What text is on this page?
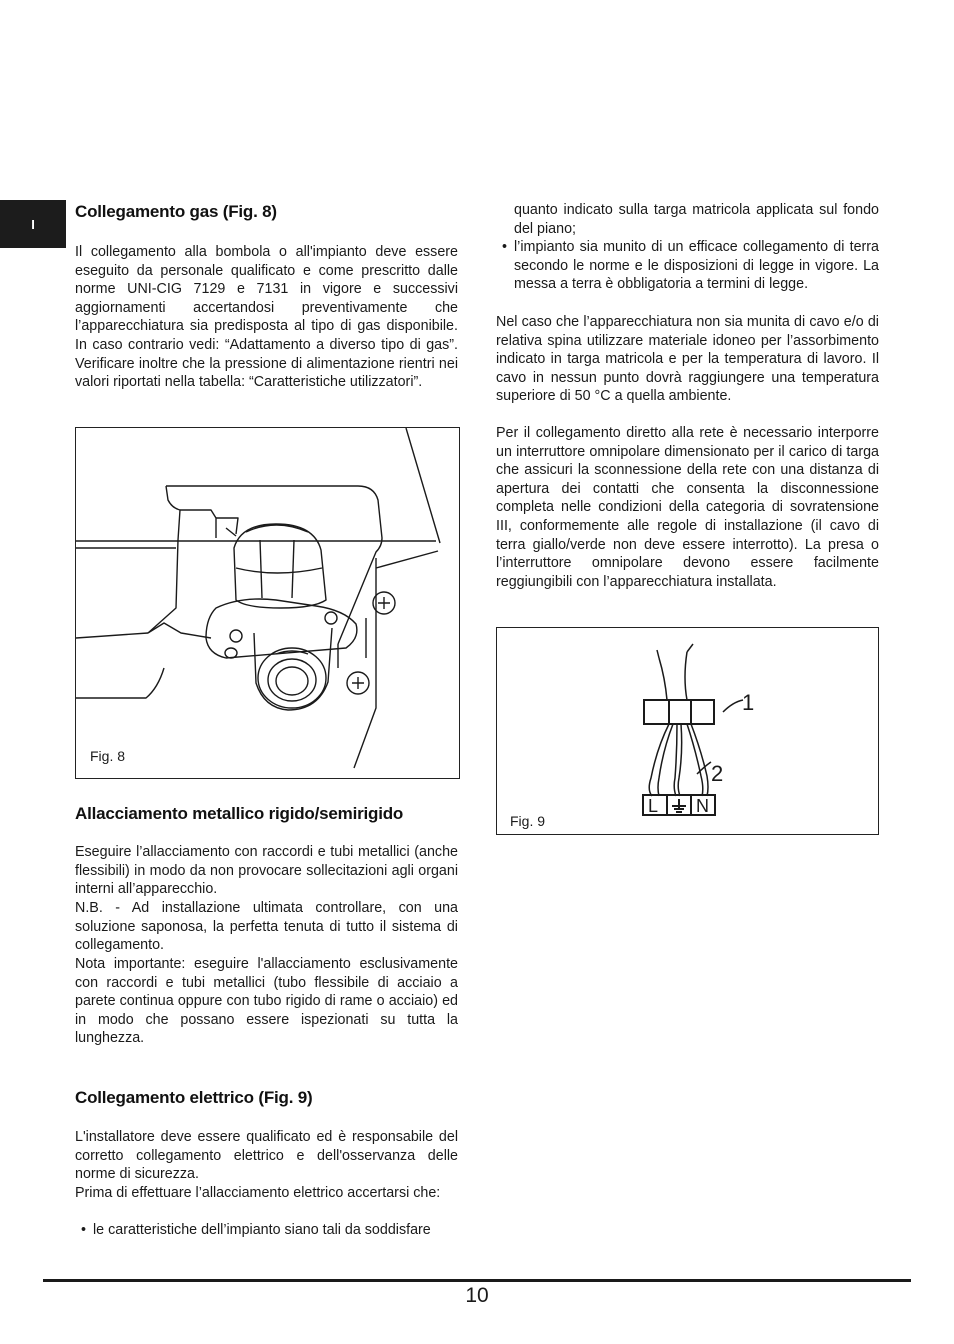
I
Collegamento gas (Fig. 8)

Il collegamento alla bombola o all'impianto deve essere eseguito da personale qualificato e come prescritto dalle norme UNI-CIG 7129 e 7131 in vigore e successivi aggiornamenti accertandosi preventivamente che l’apparecchiatura sia predisposta al tipo di gas disponibile. In caso contrario vedi: “Adattamento a diverso tipo di gas”. Verificare inoltre che la pressione di alimentazione rientri nei valori riportati nella tabella: “Caratteristiche utilizzatori”.

Fig. 8
Allacciamento metallico rigido/semirigido

Eseguire l’allacciamento con raccordi e tubi metallici (anche flessibili) in modo da non provocare sollecitazioni agli organi interni all’apparecchio.

N.B. - Ad installazione ultimata controllare, con una soluzione saponosa, la perfetta tenuta di tutto il sistema di collegamento.

Nota importante: eseguire l'allacciamento esclusivamente con raccordi e tubi metallici (tubo flessibile di acciaio a parete continua oppure con tubo rigido di rame o acciaio) ed in modo che possano essere ispezionati su tutta la lunghezza.

Collegamento elettrico (Fig. 9)

L'installatore deve essere qualificato ed è responsabile del corretto collegamento elettrico e dell'osservanza delle norme di sicurezza.

Prima di effettuare l’allacciamento elettrico accertarsi che:

• le caratteristiche dell’impianto siano tali da soddisfare

quanto indicato sulla targa matricola applicata sul fondo del piano;

• l’impianto sia munito di un efficace collegamento di terra secondo le norme e le disposizioni di legge in vigore. La messa a terra è obbligatoria a termini di legge.

Nel caso che l’apparecchiatura non sia munita di cavo e/o di relativa spina utilizzare materiale idoneo per l’assorbimento indicato in targa matricola e per la temperatura di lavoro. Il cavo in nessun punto dovrà raggiungere una temperatura superiore di 50 °C a quella ambiente.

Per il collegamento diretto alla rete è necessario interporre un interruttore omnipolare dimensionato per il carico di targa che assicuri la sconnessione della rete con una distanza di apertura dei contatti che consenta la disconnessione completa nelle condizioni della categoria di sovratensione III, conformemente alle regole di installazione (il cavo di terra giallo/verde non deve essere interrotto). La presa o l’interruttore omnipolare devono essere facilmente reggiungibili con l’apparecchiatura installata.

L N
1
2
Fig. 9
10
